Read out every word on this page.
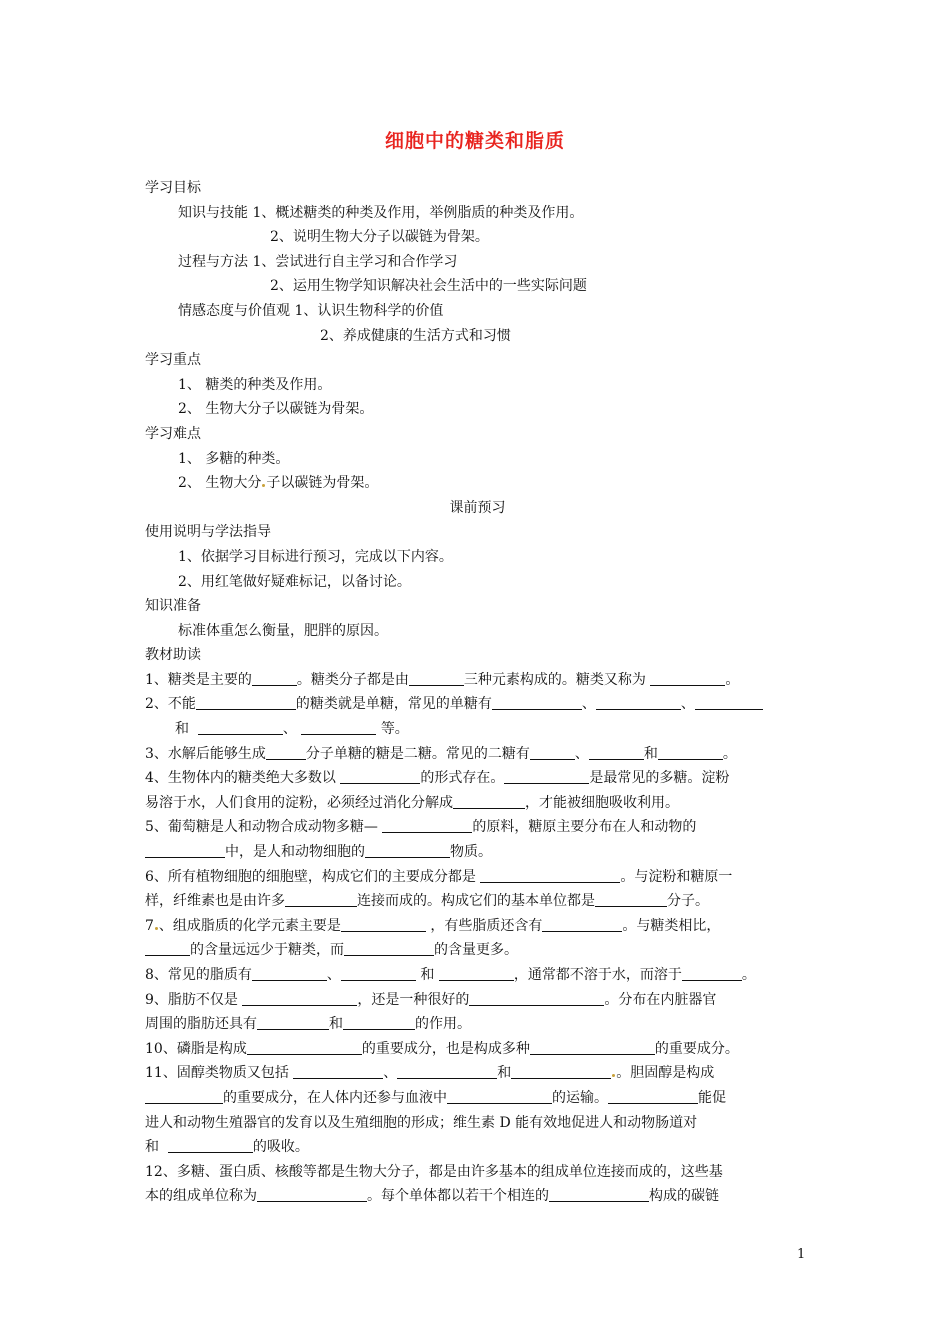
细胞中的糖类和脂质
学习目标
知识与技能 1、概述糖类的种类及作用，举例脂质的种类及作用。
2、说明生物大分子以碳链为骨架。
过程与方法 1、尝试进行自主学习和合作学习
2、运用生物学知识解决社会生活中的一些实际问题
情感态度与价值观 1、认识生物科学的价值
2、养成健康的生活方式和习惯
学习重点
1、 糖类的种类及作用。
2、 生物大分子以碳链为骨架。
学习难点
1、 多糖的种类。
2、 生物大分 子以碳链为骨架。
课前预习
使用说明与学法指导
1、依据学习目标进行预习，完成以下内容。
2、用红笔做好疑难标记，以备讨论。
知识准备
标准体重怎么衡量，肥胖的原因。
教材助读
1、糖类是主要的	。糖类分子都是由	三种元素构成的。糖类又称为	。
2、不能	的糖类就是单糖，常见的单糖有	、	、
和	、	等。
3、水解后能够生成	分子单糖的糖是二糖。常见的二糖有	、	和	。
4、生物体内的糖类绝大多数以	的形式存在。	是最常见的多糖。淀粉
易溶于水，人们食用的淀粉，必须经过消化分解成	，才能被细胞吸收利用。
5、葡萄糖是人和动物合成动物多糖—	的原料，糖原主要分布在人和动物的
中，是人和动物细胞的	物质。
6、所有植物细胞的细胞壁，构成它们的主要成分都是	。与淀粉和糖原一
样，纤维素也是由许多	连接而成的。构成它们的基本单位都是	分子。
7 、组成脂质的化学元素主要是	，有些脂质还含有	。与糖类相比，
的含量远远少于糖类，而	的含量更多。
8、常见的脂质有	、	和	，通常都不溶于水，而溶于	。
9、脂肪不仅是	，还是一种很好的	。分布在内脏器官
周围的脂肪还具有	和	的作用。
10、磷脂是构成	的重要成分，也是构成多种	的重要成分。
11、固醇类物质又包括	、	和	。胆固醇是构成
的重要成分，在人体内还参与血液中	的运输。	能促
进人和动物生殖器官的发育以及生殖细胞的形成；维生素 D 能有效地促进人和动物肠道对
和	的吸收。
12、多糖、蛋白质、核酸等都是生物大分子，都是由许多基本的组成单位连接而成的，这些基
本的组成单位称为	。每个单体都以若干个相连的	构成的碳链
1
